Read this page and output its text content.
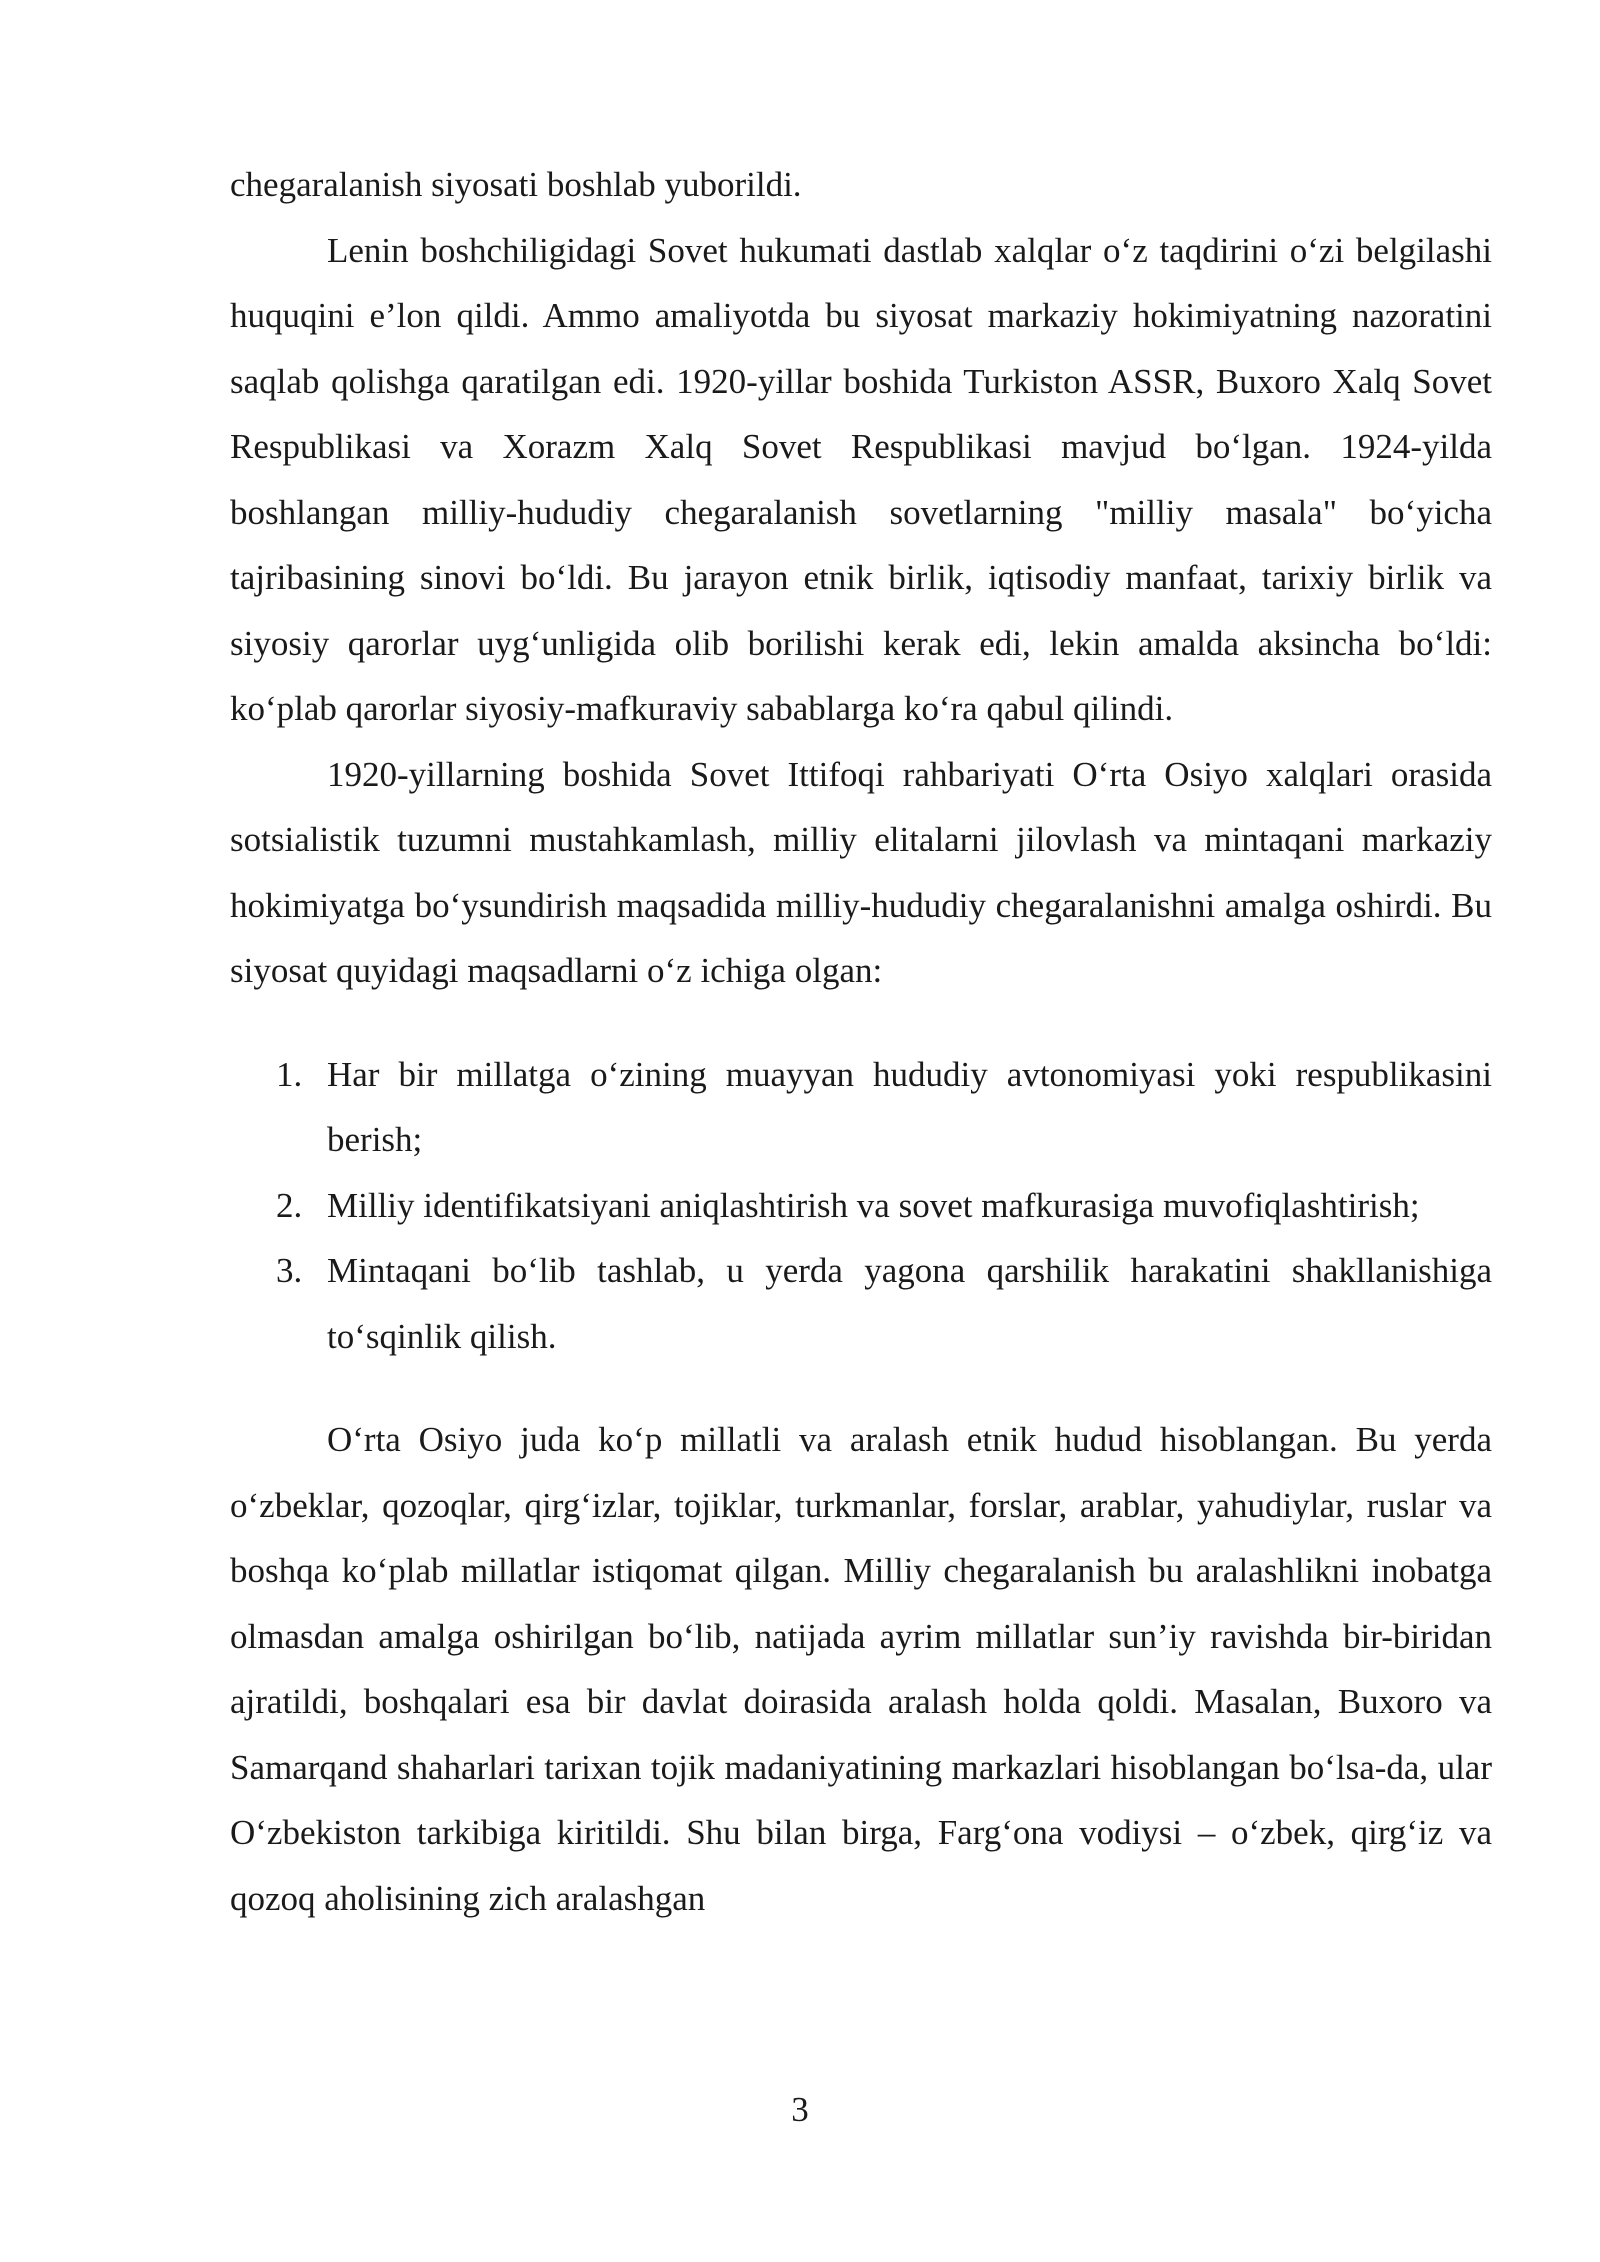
chegaralanish siyosati boshlab yuborildi.

Lenin boshchiligidagi Sovet hukumati dastlab xalqlar o‘z taqdirini o‘zi belgilashi huquqini e’lon qildi. Ammo amaliyotda bu siyosat markaziy hokimiyatning nazoratini saqlab qolishga qaratilgan edi. 1920-yillar boshida Turkiston ASSR, Buxoro Xalq Sovet Respublikasi va Xorazm Xalq Sovet Respublikasi mavjud bo‘lgan. 1924-yilda boshlangan milliy-hududiy chegaralanish sovetlarning "milliy masala" bo‘yicha tajribasining sinovi bo‘ldi. Bu jarayon etnik birlik, iqtisodiy manfaat, tarixiy birlik va siyosiy qarorlar uyg‘unligida olib borilishi kerak edi, lekin amalda aksincha bo‘ldi: ko‘plab qarorlar siyosiy-mafkuraviy sabablarga ko‘ra qabul qilindi.

1920-yillarning boshida Sovet Ittifoqi rahbariyati O‘rta Osiyo xalqlari orasida sotsialistik tuzumni mustahkamlash, milliy elitalarni jilovlash va mintaqani markaziy hokimiyatga bo‘ysundirish maqsadida milliy-hududiy chegaralanishni amalga oshirdi. Bu siyosat quyidagi maqsadlarni o‘z ichiga olgan:

1. Har bir millatga o‘zining muayyan hududiy avtonomiyasi yoki respublikasini berish;
2. Milliy identifikatsiyani aniqlashtirish va sovet mafkurasiga muvofiqlashtirish;
3. Mintaqani bo‘lib tashlab, u yerda yagona qarshilik harakatini shakllanishiga to‘sqinlik qilish.

O‘rta Osiyo juda ko‘p millatli va aralash etnik hudud hisoblangan. Bu yerda o‘zbeklar, qozoqlar, qirg‘izlar, tojiklar, turkmanlar, forslar, arablar, yahudiylar, ruslar va boshqa ko‘plab millatlar istiqomat qilgan. Milliy chegaralanish bu aralashlikni inobatga olmasdan amalga oshirilgan bo‘lib, natijada ayrim millatlar sun’iy ravishda bir-biridan ajratildi, boshqalari esa bir davlat doirasida aralash holda qoldi. Masalan, Buxoro va Samarqand shaharlari tarixan tojik madaniyatining markazlari hisoblangan bo‘lsa-da, ular O‘zbekiston tarkibiga kiritildi. Shu bilan birga, Farg‘ona vodiysi – o‘zbek, qirg‘iz va qozoq aholisining zich aralashgan

3
